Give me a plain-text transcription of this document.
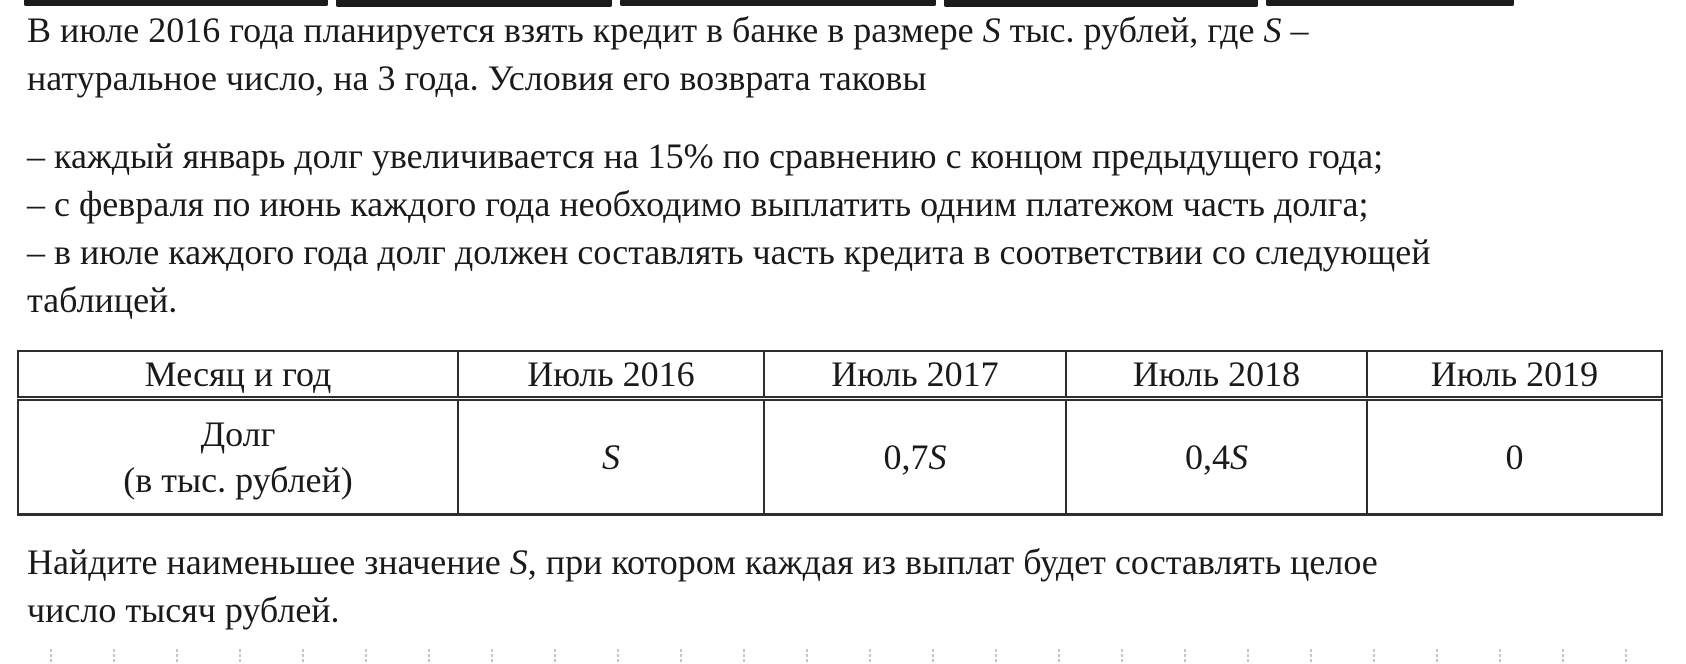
В июле 2016 года планируется взять кредит в банке в размере S тыс. рублей, где S –
натуральное число, на 3 года. Условия его возврата таковы
– каждый январь долг увеличивается на 15% по сравнению с концом предыдущего года;
– с февраля по июнь каждого года необходимо выплатить одним платежом часть долга;
– в июле каждого года долг должен составлять часть кредита в соответствии со следующей
таблицей.
Месяц и год	Июль 2016	Июль 2017	Июль 2018	Июль 2019

Долг
(в тыс. рублей)	S	0,7S	0,4S	0
Найдите наименьшее значение S, при котором каждая из выплат будет составлять целое
число тысяч рублей.
